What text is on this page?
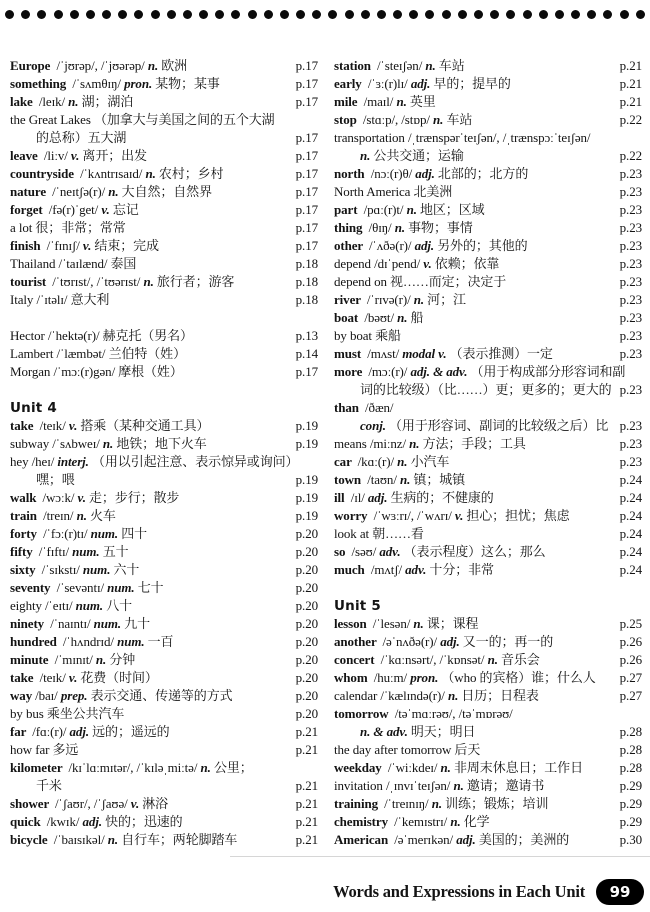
Europe /ˈjʊrəp/, /ˈjʊərəp/ n. 欧洲	p.17
something /ˈsʌmθɪŋ/ pron. 某物；某事	p.17
lake /leɪk/ n. 湖；湖泊	p.17
the Great Lakes （加拿大与美国之间的五个大湖
的总称）五大湖	p.17
leave /liːv/ v. 离开；出发	p.17
countryside /ˈkʌntrɪsaɪd/ n. 农村；乡村	p.17
nature /ˈneɪtʃə(r)/ n. 大自然；自然界	p.17
forget /fə(r)ˈget/ v. 忘记	p.17
a lot 很；非常；常常	p.17
finish /ˈfɪnɪʃ/ v. 结束；完成	p.17
Thailand /ˈtaɪlænd/ 泰国	p.18
tourist /ˈtʊrɪst/, /ˈtʊərɪst/ n. 旅行者；游客	p.18
Italy /ˈɪtəlɪ/ 意大利	p.18
Hector /ˈhektə(r)/ 赫克托（男名）	p.13
Lambert /ˈlæmbət/ 兰伯特（姓）	p.14
Morgan /ˈmɔː(r)gən/ 摩根（姓）	p.17
Unit 4
take /teɪk/ v. 搭乘（某种交通工具）	p.19
subway /ˈsʌbweɪ/ n. 地铁；地下火车	p.19
hey /heɪ/ interj. （用以引起注意、表示惊异或询问）
嘿；喂	p.19
walk /wɔːk/ v. 走；步行；散步	p.19
train /treɪn/ n. 火车	p.19
forty /ˈfɔː(r)tɪ/ num. 四十	p.20
fifty /ˈfɪftɪ/ num. 五十	p.20
sixty /ˈsɪkstɪ/ num. 六十	p.20
seventy /ˈsevəntɪ/ num. 七十	p.20
eighty /ˈeɪtɪ/ num. 八十	p.20
ninety /ˈnaɪntɪ/ num. 九十	p.20
hundred /ˈhʌndrɪd/ num. 一百	p.20
minute /ˈmɪnɪt/ n. 分钟	p.20
take /teɪk/ v. 花费（时间）	p.20
way /baɪ/ prep. 表示交通、传递等的方式	p.20
by bus 乘坐公共汽车	p.20
far /fɑː(r)/ adj. 远的；遥远的	p.21
how far 多远	p.21
kilometer /kɪˈlɑːmɪtər/, /ˈkɪləˌmiːtə/ n. 公里；
千米	p.21
shower /ˈʃaʊr/, /ˈʃaʊə/ v. 淋浴	p.21
quick /kwɪk/ adj. 快的；迅速的	p.21
bicycle /ˈbaɪsɪkəl/ n. 自行车；两轮脚踏车	p.21
station /ˈsteɪʃən/ n. 车站	p.21
early /ˈɜː(r)lɪ/ adj. 早的；提早的	p.21
mile /maɪl/ n. 英里	p.21
stop /stɑːp/, /stɒp/ n. 车站	p.22
transportation /ˌtrænspərˈteɪʃən/, /ˌtrænspɔːˈteɪʃən/
n. 公共交通；运输	p.22
north /nɔː(r)θ/ adj. 北部的；北方的	p.23
North America 北美洲	p.23
part /pɑː(r)t/ n. 地区；区域	p.23
thing /θɪŋ/ n. 事物；事情	p.23
other /ˈʌðə(r)/ adj. 另外的；其他的	p.23
depend /dɪˈpend/ v. 依赖；依靠	p.23
depend on 视……而定；决定于	p.23
river /ˈrɪvə(r)/ n. 河；江	p.23
boat /bəʊt/ n. 船	p.23
by boat 乘船	p.23
must /mʌst/ modal v. （表示推测）一定	p.23
more /mɔː(r)/ adj. & adv. （用于构成部分形容词和副
词的比较级）（比……）更；更多的；更大的 p.23
than /ðæn/
conj. （用于形容词、副词的比较级之后）比 p.23
means /miːnz/ n. 方法；手段；工具	p.23
car /kɑː(r)/ n. 小汽车	p.23
town /taʊn/ n. 镇；城镇	p.24
ill /ɪl/ adj. 生病的；不健康的	p.24
worry /ˈwɜːrɪ/, /ˈwʌrɪ/ v. 担心；担忧；焦虑	p.24
look at 朝……看	p.24
so /səʊ/ adv. （表示程度）这么；那么	p.24
much /mʌtʃ/ adv. 十分；非常	p.24
Unit 5
lesson /ˈlesən/ n. 课；课程	p.25
another /əˈnʌðə(r)/ adj. 又一的；再一的	p.26
concert /ˈkɑːnsərt/, /ˈkɒnsət/ n. 音乐会	p.26
whom /huːm/ pron. （who 的宾格）谁；什么人	p.27
calendar /ˈkælɪndə(r)/ n. 日历；日程表	p.27
tomorrow /təˈmɑːrəʊ/, /təˈmɒrəʊ/
n. & adv. 明天；明日	p.28
the day after tomorrow 后天	p.28
weekday /ˈwiːkdeɪ/ n. 非周末休息日；工作日	p.28
invitation /ˌɪnvɪˈteɪʃən/ n. 邀请；邀请书	p.29
training /ˈtreɪnɪŋ/ n. 训练；锻炼；培训	p.29
chemistry /ˈkemɪstrɪ/ n. 化学	p.29
American /əˈmerɪkən/ adj. 美国的；美洲的	p.30
Words and Expressions in Each Unit 99
